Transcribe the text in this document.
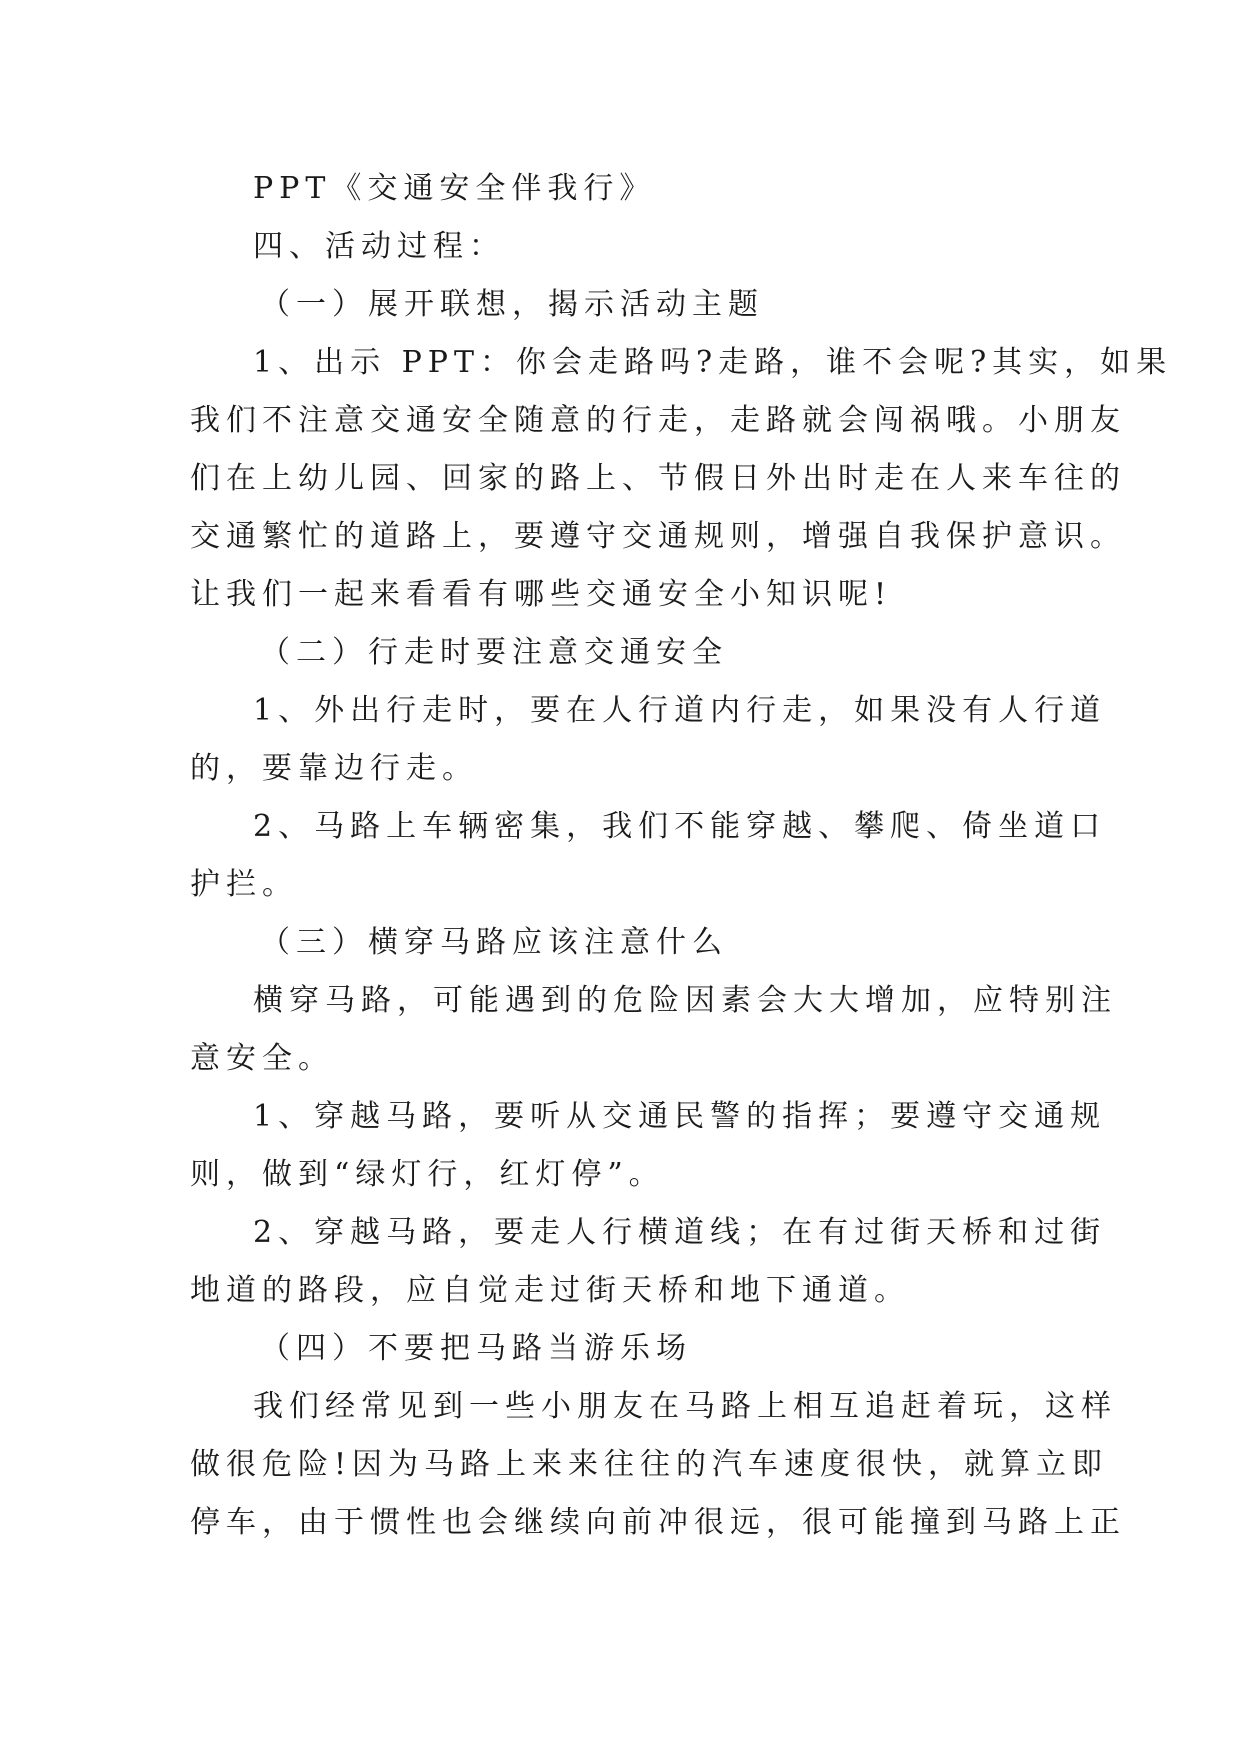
PPT《交通安全伴我行》
四、活动过程：
（一）展开联想，揭示活动主题
1、出示 PPT：你会走路吗?走路，谁不会呢?其实，如果
我们不注意交通安全随意的行走，走路就会闯祸哦。小朋友
们在上幼儿园、回家的路上、节假日外出时走在人来车往的
交通繁忙的道路上，要遵守交通规则，增强自我保护意识。
让我们一起来看看有哪些交通安全小知识呢!
（二）行走时要注意交通安全
1、外出行走时，要在人行道内行走，如果没有人行道
的，要靠边行走。
2、马路上车辆密集，我们不能穿越、攀爬、倚坐道口
护拦。
（三）横穿马路应该注意什么
横穿马路，可能遇到的危险因素会大大增加，应特别注
意安全。
1、穿越马路，要听从交通民警的指挥；要遵守交通规
则，做到“绿灯行，红灯停”。
2、穿越马路，要走人行横道线；在有过街天桥和过街
地道的路段，应自觉走过街天桥和地下通道。
（四）不要把马路当游乐场
我们经常见到一些小朋友在马路上相互追赶着玩，这样
做很危险!因为马路上来来往往的汽车速度很快，就算立即
停车，由于惯性也会继续向前冲很远，很可能撞到马路上正
